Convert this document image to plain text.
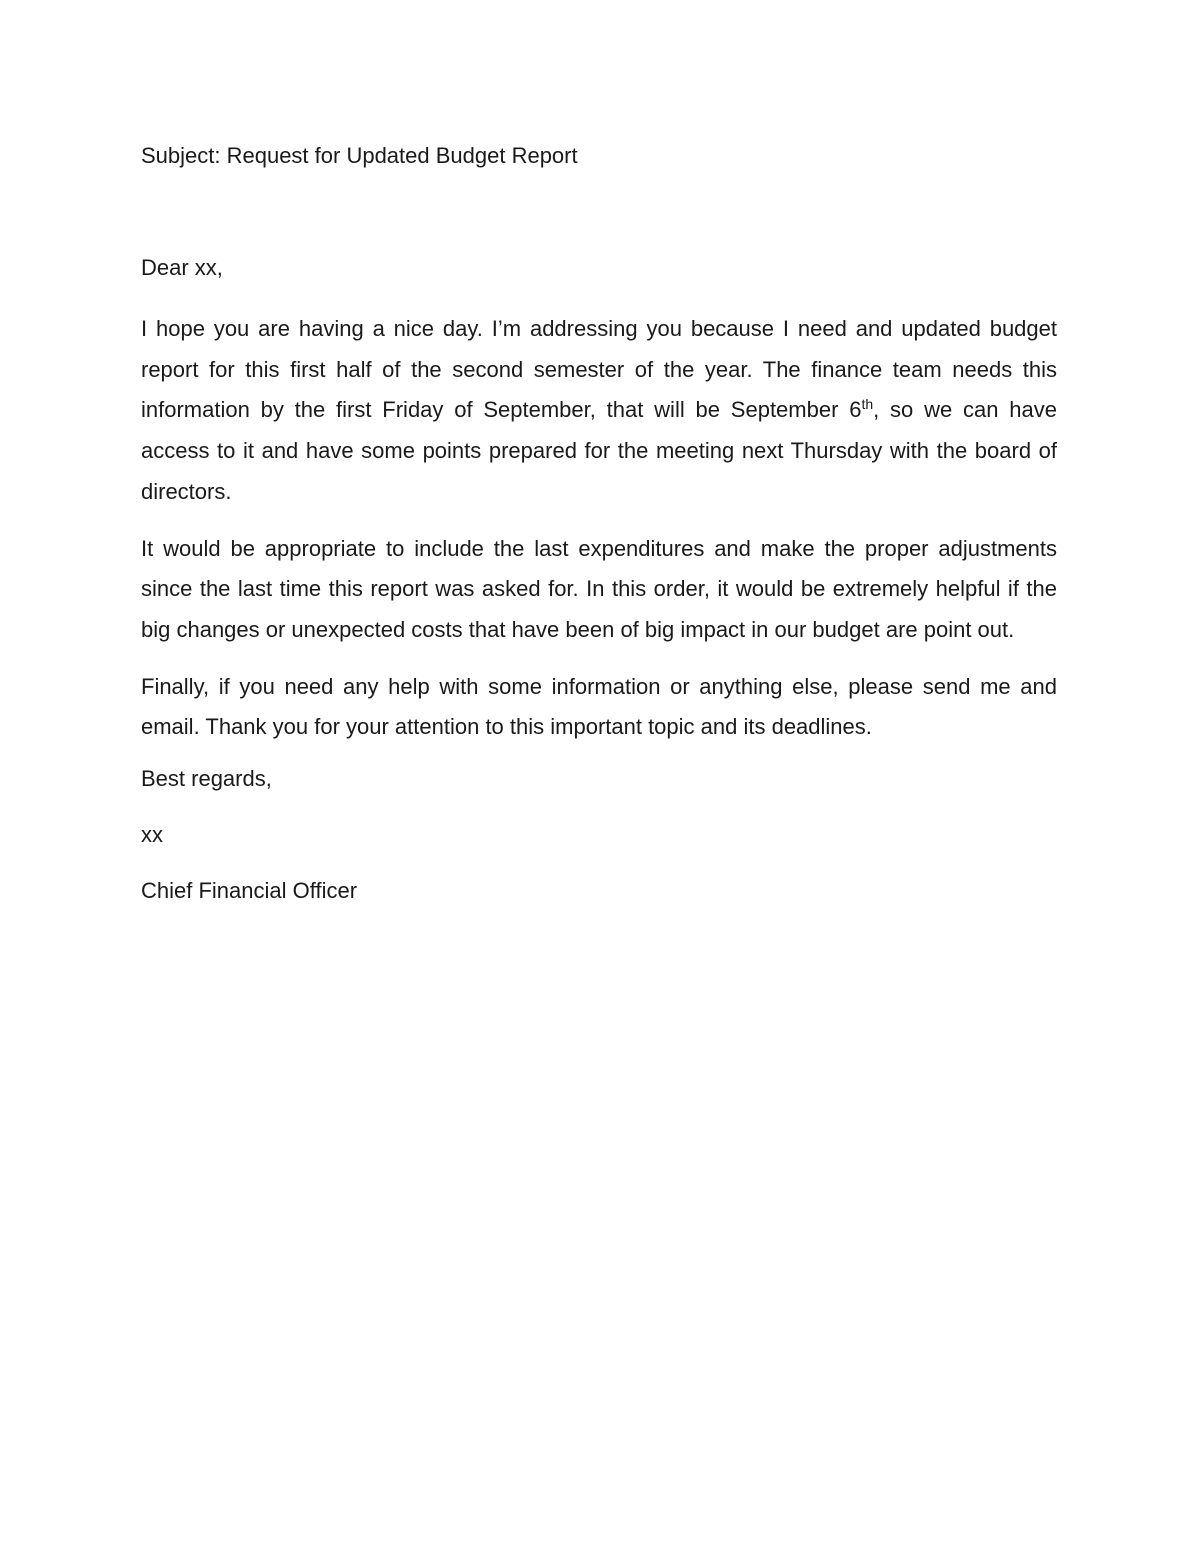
Subject: Request for Updated Budget Report

Dear xx,

I hope you are having a nice day. I’m addressing you because I need and updated budget report for this first half of the second semester of the year. The finance team needs this information by the first Friday of September, that will be September 6th, so we can have access to it and have some points prepared for the meeting next Thursday with the board of directors.

It would be appropriate to include the last expenditures and make the proper adjustments since the last time this report was asked for. In this order, it would be extremely helpful if the big changes or unexpected costs that have been of big impact in our budget are point out.

Finally, if you need any help with some information or anything else, please send me and email. Thank you for your attention to this important topic and its deadlines.

Best regards,

xx

Chief Financial Officer
